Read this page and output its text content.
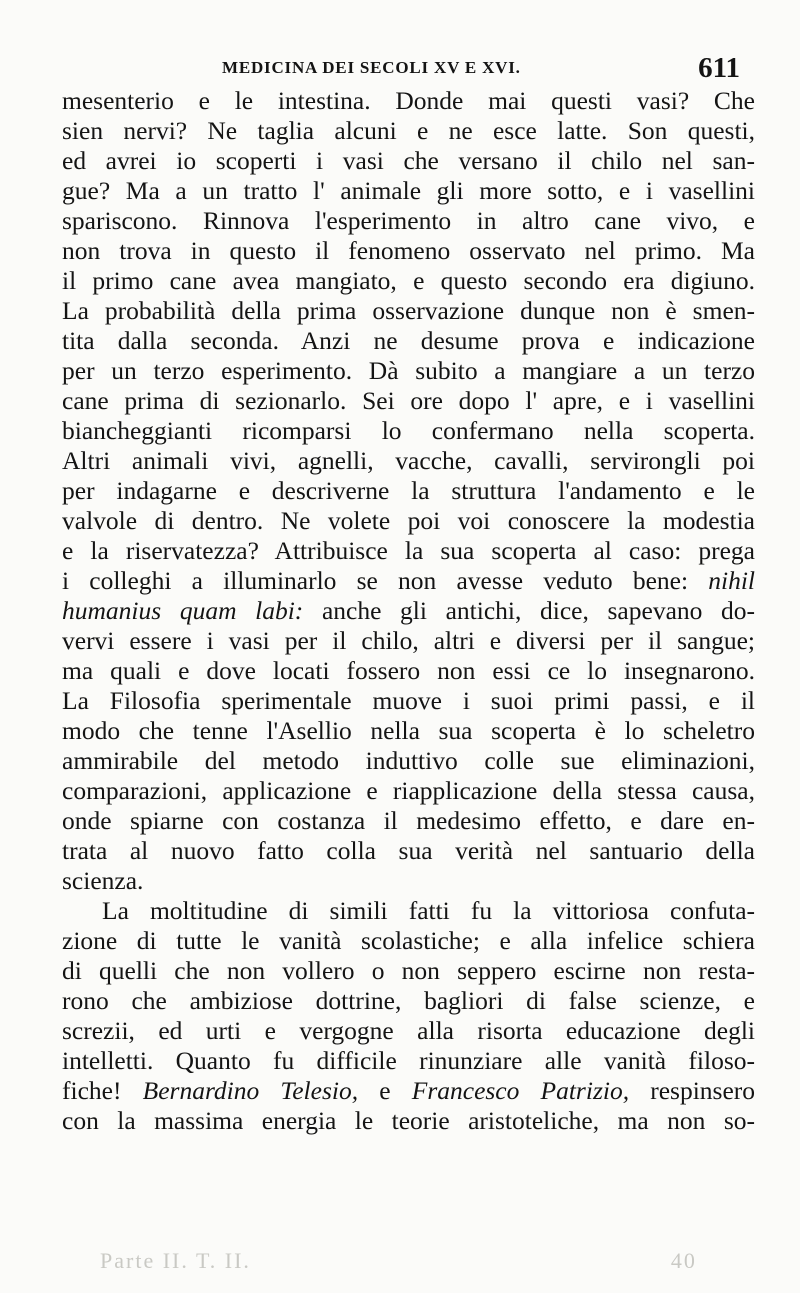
MEDICINA DEI SECOLI XV E XVI.	611
mesenterio e le intestina. Donde mai questi vasi? Che
sien nervi? Ne taglia alcuni e ne esce latte. Son questi,
ed avrei io scoperti i vasi che versano il chilo nel san-
gue? Ma a un tratto l' animale gli more sotto, e i vasellini
spariscono. Rinnova l'esperimento in altro cane vivo, e
non trova in questo il fenomeno osservato nel primo. Ma
il primo cane avea mangiato, e questo secondo era digiuno.
La probabilità della prima osservazione dunque non è smen-
tita dalla seconda. Anzi ne desume prova e indicazione
per un terzo esperimento. Dà subito a mangiare a un terzo
cane prima di sezionarlo. Sei ore dopo l' apre, e i vasellini
biancheggianti ricomparsi lo confermano nella scoperta.
Altri animali vivi, agnelli, vacche, cavalli, servirongli poi
per indagarne e descriverne la struttura l'andamento e le
valvole di dentro. Ne volete poi voi conoscere la modestia
e la riservatezza? Attribuisce la sua scoperta al caso: prega
i colleghi a illuminarlo se non avesse veduto bene: nihil
humanius quam labi: anche gli antichi, dice, sapevano do-
vervi essere i vasi per il chilo, altri e diversi per il sangue;
ma quali e dove locati fossero non essi ce lo insegnarono.
La Filosofia sperimentale muove i suoi primi passi, e il
modo che tenne l'Asellio nella sua scoperta è lo scheletro
ammirabile del metodo induttivo colle sue eliminazioni,
comparazioni, applicazione e riapplicazione della stessa causa,
onde spiarne con costanza il medesimo effetto, e dare en-
trata al nuovo fatto colla sua verità nel santuario della
scienza.
La moltitudine di simili fatti fu la vittoriosa confuta-
zione di tutte le vanità scolastiche; e alla infelice schiera
di quelli che non vollero o non seppero escirne non resta-
rono che ambiziose dottrine, bagliori di false scienze, e
screzii, ed urti e vergogne alla risorta educazione degli
intelletti. Quanto fu difficile rinunziare alle vanità filoso-
fiche! Bernardino Telesio, e Francesco Patrizio, respinsero
con la massima energia le teorie aristoteliche, ma non so-
Parte II. T. II.	40
